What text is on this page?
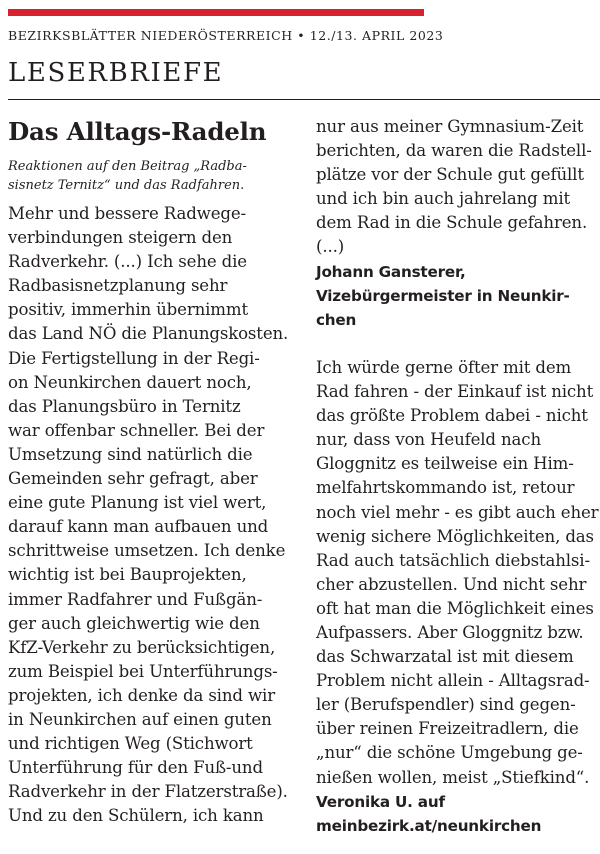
BEZIRKSBLÄTTER NIEDERÖSTERREICH • 12./13. APRIL 2023
LESERBRIEFE
Das Alltags-Radeln
Reaktionen auf den Beitrag „Radba-
sisnetz Ternitz“ und das Radfahren.
Mehr und bessere Radwege-
verbindungen steigern den
Radverkehr. (...) Ich sehe die
Radbasisnetzplanung sehr
positiv, immerhin übernimmt
das Land NÖ die Planungskosten.
Die Fertigstellung in der Regi-
on Neunkirchen dauert noch,
das Planungsbüro in Ternitz
war offenbar schneller. Bei der
Umsetzung sind natürlich die
Gemeinden sehr gefragt, aber
eine gute Planung ist viel wert,
darauf kann man aufbauen und
schrittweise umsetzen. Ich denke
wichtig ist bei Bauprojekten,
immer Radfahrer und Fußgän-
ger auch gleichwertig wie den
KfZ-Verkehr zu berücksichtigen,
zum Beispiel bei Unterführungs-
projekten, ich denke da sind wir
in Neunkirchen auf einen guten
und richtigen Weg (Stichwort
Unterführung für den Fuß-und
Radverkehr in der Flatzerstraße).
Und zu den Schülern, ich kann
nur aus meiner Gymnasium-Zeit
berichten, da waren die Radstell-
plätze vor der Schule gut gefüllt
und ich bin auch jahrelang mit
dem Rad in die Schule gefahren.
(...)
Johann Gansterer,
Vizebürgermeister in Neunkir-
chen
Ich würde gerne öfter mit dem
Rad fahren - der Einkauf ist nicht
das größte Problem dabei - nicht
nur, dass von Heufeld nach
Gloggnitz es teilweise ein Him-
melfahrtskommando ist, retour
noch viel mehr - es gibt auch eher
wenig sichere Möglichkeiten, das
Rad auch tatsächlich diebstahlsi-
cher abzustellen. Und nicht sehr
oft hat man die Möglichkeit eines
Aufpassers. Aber Gloggnitz bzw.
das Schwarzatal ist mit diesem
Problem nicht allein - Alltagsrad-
ler (Berufspendler) sind gegen-
über reinen Freizeitradlern, die
„nur“ die schöne Umgebung ge-
nießen wollen, meist „Stiefkind“.
Veronika U. auf
meinbezirk.at/neunkirchen
